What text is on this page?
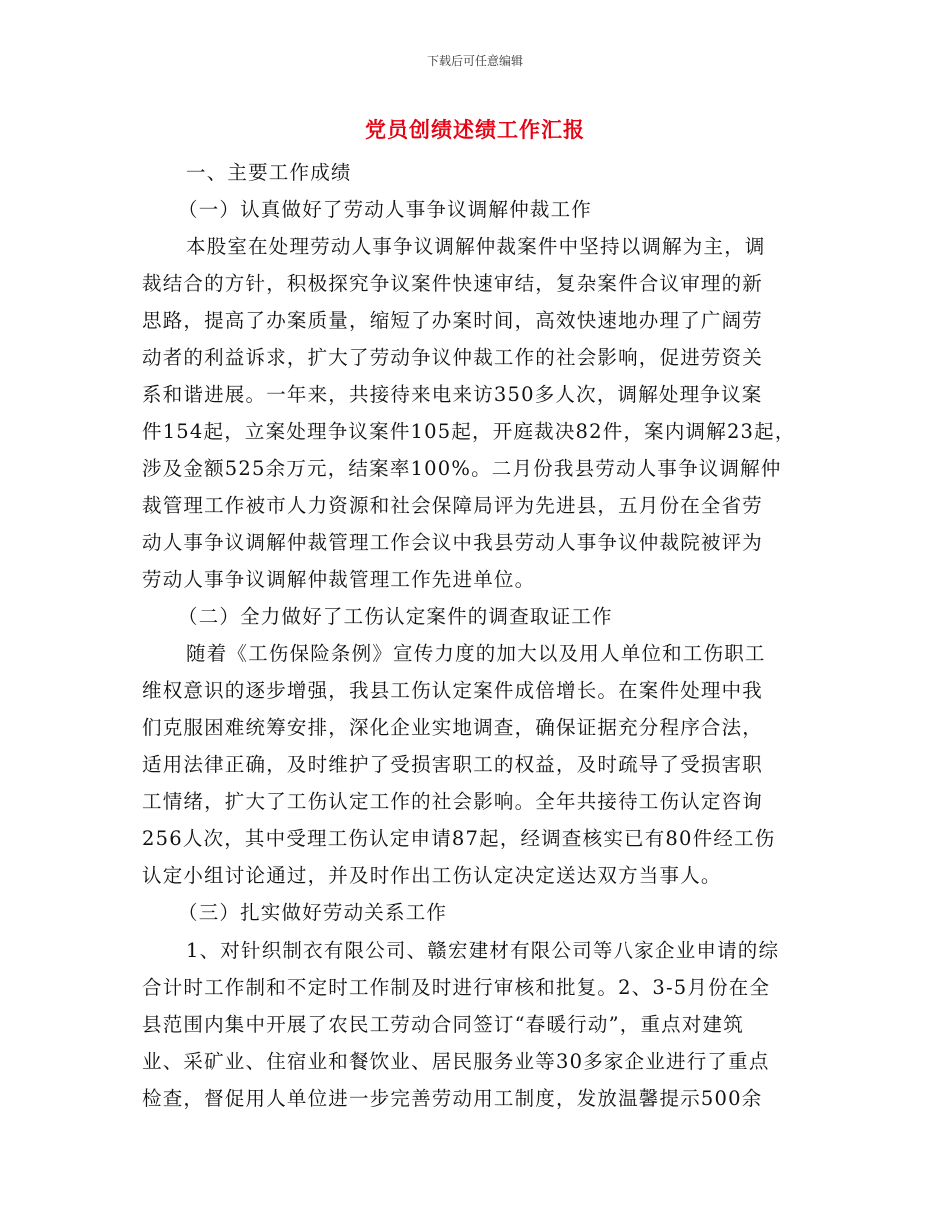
下载后可任意编辑
党员创绩述绩工作汇报
一、主要工作成绩
（一）认真做好了劳动人事争议调解仲裁工作
本股室在处理劳动人事争议调解仲裁案件中坚持以调解为主，调
裁结合的方针，积极探究争议案件快速审结，复杂案件合议审理的新
思路，提高了办案质量，缩短了办案时间，高效快速地办理了广阔劳
动者的利益诉求，扩大了劳动争议仲裁工作的社会影响，促进劳资关
系和谐进展。一年来，共接待来电来访350多人次，调解处理争议案
件154起，立案处理争议案件105起，开庭裁决82件，案内调解23起，
涉及金额525余万元，结案率100%。二月份我县劳动人事争议调解仲
裁管理工作被市人力资源和社会保障局评为先进县，五月份在全省劳
动人事争议调解仲裁管理工作会议中我县劳动人事争议仲裁院被评为
劳动人事争议调解仲裁管理工作先进单位。
（二）全力做好了工伤认定案件的调查取证工作
随着《工伤保险条例》宣传力度的加大以及用人单位和工伤职工
维权意识的逐步增强，我县工伤认定案件成倍增长。在案件处理中我
们克服困难统筹安排，深化企业实地调查，确保证据充分程序合法，
适用法律正确，及时维护了受损害职工的权益，及时疏导了受损害职
工情绪，扩大了工伤认定工作的社会影响。全年共接待工伤认定咨询
256人次，其中受理工伤认定申请87起，经调查核实已有80件经工伤
认定小组讨论通过，并及时作出工伤认定决定送达双方当事人。
（三）扎实做好劳动关系工作
1、对针织制衣有限公司、赣宏建材有限公司等八家企业申请的综
合计时工作制和不定时工作制及时进行审核和批复。2、3-5月份在全
县范围内集中开展了农民工劳动合同签订“春暖行动”，重点对建筑
业、采矿业、住宿业和餐饮业、居民服务业等30多家企业进行了重点
检查，督促用人单位进一步完善劳动用工制度，发放温馨提示500余
